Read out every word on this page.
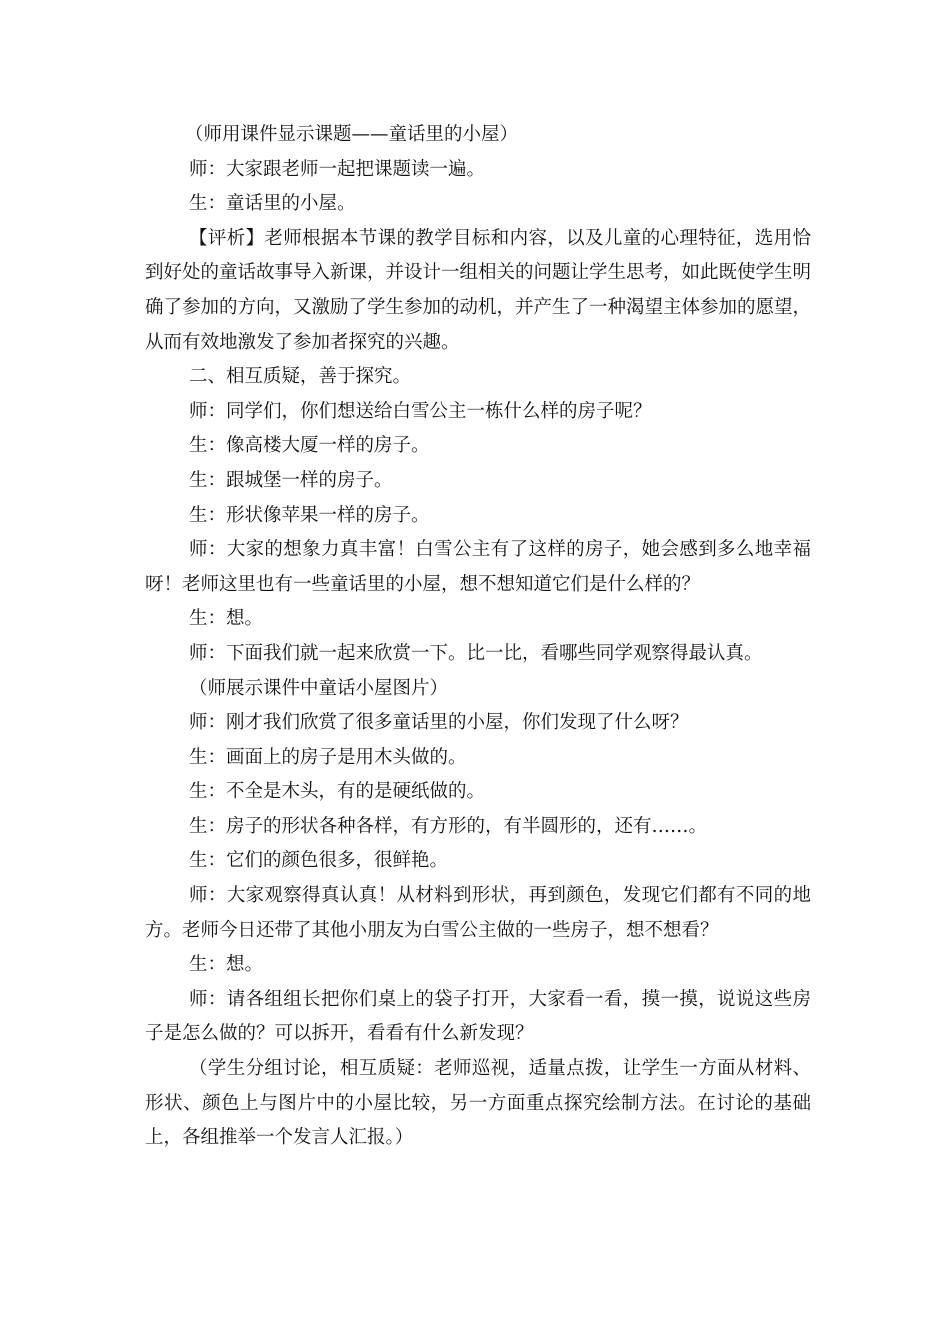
（师用课件显示课题——童话里的小屋）

师：大家跟老师一起把课题读一遍。

生：童话里的小屋。

【评析】老师根据本节课的教学目标和内容，以及儿童的心理特征，选用恰到好处的童话故事导入新课，并设计一组相关的问题让学生思考，如此既使学生明确了参加的方向，又激励了学生参加的动机，并产生了一种渴望主体参加的愿望，从而有效地激发了参加者探究的兴趣。

二、相互质疑，善于探究。

师：同学们，你们想送给白雪公主一栋什么样的房子呢？

生：像高楼大厦一样的房子。

生：跟城堡一样的房子。

生：形状像苹果一样的房子。

师：大家的想象力真丰富！白雪公主有了这样的房子，她会感到多么地幸福呀！老师这里也有一些童话里的小屋，想不想知道它们是什么样的？

生：想。

师：下面我们就一起来欣赏一下。比一比，看哪些同学观察得最认真。

（师展示课件中童话小屋图片）

师：刚才我们欣赏了很多童话里的小屋，你们发现了什么呀？

生：画面上的房子是用木头做的。

生：不全是木头，有的是硬纸做的。

生：房子的形状各种各样，有方形的，有半圆形的，还有……。

生：它们的颜色很多，很鲜艳。

师：大家观察得真认真！从材料到形状，再到颜色，发现它们都有不同的地方。老师今日还带了其他小朋友为白雪公主做的一些房子，想不想看？

生：想。

师：请各组组长把你们桌上的袋子打开，大家看一看，摸一摸，说说这些房子是怎么做的？可以拆开，看看有什么新发现？

（学生分组讨论，相互质疑：老师巡视，适量点拨，让学生一方面从材料、形状、颜色上与图片中的小屋比较，另一方面重点探究绘制方法。在讨论的基础上，各组推举一个发言人汇报。）
